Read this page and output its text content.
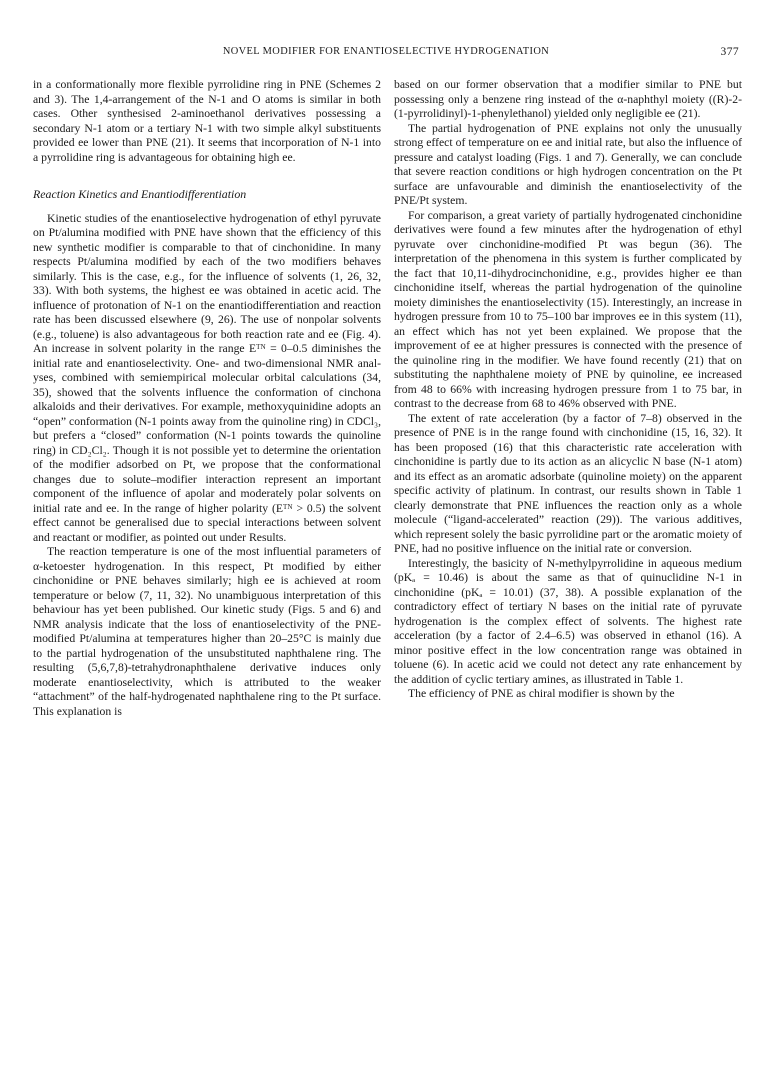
NOVEL MODIFIER FOR ENANTIOSELECTIVE HYDROGENATION	377

in a conformationally more flexible pyrrolidine ring in PNE (Schemes 2 and 3). The 1,4-arrangement of the N-1 and O atoms is similar in both cases. Other synthesised 2-aminoethanol derivatives possessing a secondary N-1 atom or a tertiary N-1 with two simple alkyl substituents provided ee lower than PNE (21). It seems that incorporation of N-1 into a pyrrolidine ring is advantageous for obtaining high ee.

Reaction Kinetics and Enantiodifferentiation

Kinetic studies of the enantioselective hydrogenation of ethyl pyruvate on Pt/alumina modified with PNE have shown that the efficiency of this new synthetic modifier is comparable to that of cinchonidine. In many respects Pt/alumina modified by each of the two modifiers behaves similarly. This is the case, e.g., for the influence of solvents (1, 26, 32, 33). With both systems, the highest ee was obtained in acetic acid. The influence of protonation of N-1 on the enantiodifferentiation and reaction rate has been discussed elsewhere (9, 26). The use of nonpolar solvents (e.g., toluene) is also advantageous for both reaction rate and ee (Fig. 4). An increase in solvent polarity in the range Eᵀᴺ = 0–0.5 diminishes the initial rate and enantioselectivity. One- and two-dimensional NMR analyses, combined with semiempirical molecular orbital calculations (34, 35), showed that the solvents influence the conformation of cinchona alkaloids and their derivatives. For example, methoxyquinidine adopts an “open” conformation (N-1 points away from the quinoline ring) in CDCl₃, but prefers a “closed” conformation (N-1 points towards the quinoline ring) in CD₂Cl₂. Though it is not possible yet to determine the orientation of the modifier adsorbed on Pt, we propose that the conformational changes due to solute–modifier interaction represent an important component of the influence of apolar and moderately polar solvents on initial rate and ee. In the range of higher polarity (Eᵀᴺ > 0.5) the solvent effect cannot be generalised due to special interactions between solvent and reactant or modifier, as pointed out under Results.

The reaction temperature is one of the most influential parameters of α-ketoester hydrogenation. In this respect, Pt modified by either cinchonidine or PNE behaves similarly; high ee is achieved at room temperature or below (7, 11, 32). No unambiguous interpretation of this behaviour has yet been published. Our kinetic study (Figs. 5 and 6) and NMR analysis indicate that the loss of enantioselectivity of the PNE-modified Pt/alumina at temperatures higher than 20–25°C is mainly due to the partial hydrogenation of the unsubstituted naphthalene ring. The resulting (5,6,7,8)-tetrahydronaphthalene derivative induces only moderate enantioselectivity, which is attributed to the weaker “attachment” of the half-hydrogenated naphthalene ring to the Pt surface. This explanation is

based on our former observation that a modifier similar to PNE but possessing only a benzene ring instead of the α-naphthyl moiety ((R)-2-(1-pyrrolidinyl)-1-phenylethanol) yielded only negligible ee (21).

The partial hydrogenation of PNE explains not only the unusually strong effect of temperature on ee and initial rate, but also the influence of pressure and catalyst loading (Figs. 1 and 7). Generally, we can conclude that severe reaction conditions or high hydrogen concentration on the Pt surface are unfavourable and diminish the enantioselectivity of the PNE/Pt system.

For comparison, a great variety of partially hydrogenated cinchonidine derivatives were found a few minutes after the hydrogenation of ethyl pyruvate over cinchonidine-modified Pt was begun (36). The interpretation of the phenomena in this system is further complicated by the fact that 10,11-dihydrocinchonidine, e.g., provides higher ee than cinchonidine itself, whereas the partial hydrogenation of the quinoline moiety diminishes the enantioselectivity (15). Interestingly, an increase in hydrogen pressure from 10 to 75–100 bar improves ee in this system (11), an effect which has not yet been explained. We propose that the improvement of ee at higher pressures is connected with the presence of the quinoline ring in the modifier. We have found recently (21) that on substituting the naphthalene moiety of PNE by quinoline, ee increased from 48 to 66% with increasing hydrogen pressure from 1 to 75 bar, in contrast to the decrease from 68 to 46% observed with PNE.

The extent of rate acceleration (by a factor of 7–8) observed in the presence of PNE is in the range found with cinchonidine (15, 16, 32). It has been proposed (16) that this characteristic rate acceleration with cinchonidine is partly due to its action as an alicyclic N base (N-1 atom) and its effect as an aromatic adsorbate (quinoline moiety) on the apparent specific activity of platinum. In contrast, our results shown in Table 1 clearly demonstrate that PNE influences the reaction only as a whole molecule (“ligand-accelerated” reaction (29)). The various additives, which represent solely the basic pyrrolidine part or the aromatic moiety of PNE, had no positive influence on the initial rate or conversion.

Interestingly, the basicity of N-methylpyrrolidine in aqueous medium (pKₐ = 10.46) is about the same as that of quinuclidine N-1 in cinchonidine (pKₐ = 10.01) (37, 38). A possible explanation of the contradictory effect of tertiary N bases on the initial rate of pyruvate hydrogenation is the complex effect of solvents. The highest rate acceleration (by a factor of 2.4–6.5) was observed in ethanol (16). A minor positive effect in the low concentration range was obtained in toluene (6). In acetic acid we could not detect any rate enhancement by the addition of cyclic tertiary amines, as illustrated in Table 1.

The efficiency of PNE as chiral modifier is shown by the
